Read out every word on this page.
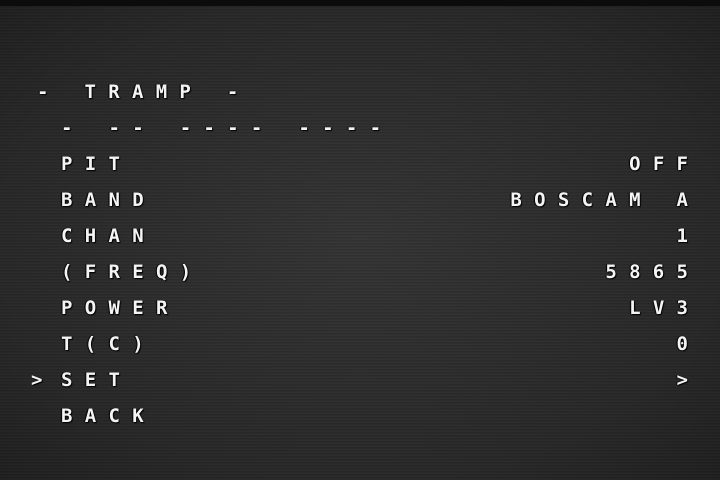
- TRAMP -
- -- ---- ----
PIT	OFF
BAND	BOSCAM A
CHAN	1
(FREQ)	5865
POWER	LV3
T(C)	0
> SET	>
BACK
